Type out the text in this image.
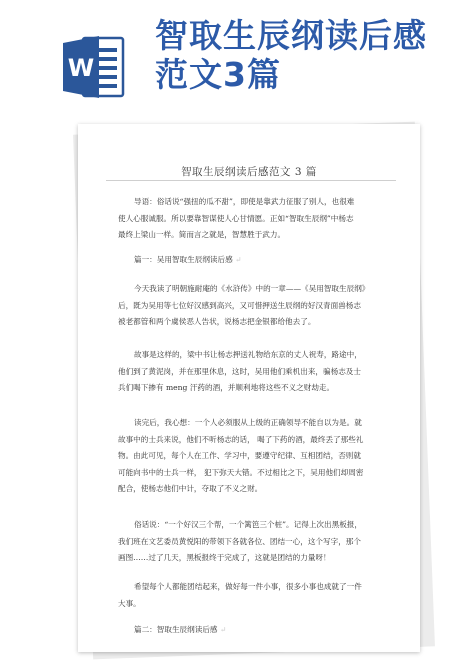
W
智取生辰纲读后感
范文3篇
智取生辰纲读后感范文 3 篇
导语：俗话说“强扭的瓜不甜”，即使是靠武力征服了别人，也很难
使人心服诚服。所以要靠智谋使人心甘情愿。正如“智取生辰纲”中杨志
最终上梁山一样。简而言之就是，智慧胜于武力。
篇一：吴用智取生辰纲读后感 ↵
今天我读了明朝施耐庵的《水浒传》中的一章——《吴用智取生辰纲》
后，既为吴用等七位好汉感到高兴，又可惜押送生辰纲的好汉青面兽杨志
被老都管和两个虞侯恶人告状，说杨志把金银都给他去了。
故事是这样的，梁中书让杨志押送礼物给东京的丈人祝寿，路途中，
他们到了黄泥岗，并在那里休息，这时，吴用他们乘机出来，骗杨志及士
兵们喝下掺有 meng 汗药的酒，并顺利地将这些不义之财劫走。
读完后，我心想：一个人必须服从上级的正确领导不能自以为是。就
故事中的士兵来说，他们不听杨志的话， 喝了下药的酒，最终丢了那些礼
物。由此可见，每个人在工作、学习中，要遵守纪律、互相团结，否则就
可能向书中的士兵一样， 犯下弥天大错。不过相比之下，吴用他们却周密
配合，使杨志他们中计，夺取了不义之财。
俗话说：“一个好汉三个帮，一个篱笆三个桩”。记得上次出黑板报，
我们班在文艺委员黄悦阳的带领下各就各位、团结一心，这个写字，那个
画图……过了几天，黑板报终于完成了，这就是团结的力量呀！
希望每个人都能团结起来，做好每一件小事，很多小事也成就了一件
大事。
篇二：智取生辰纲读后感 ↵
